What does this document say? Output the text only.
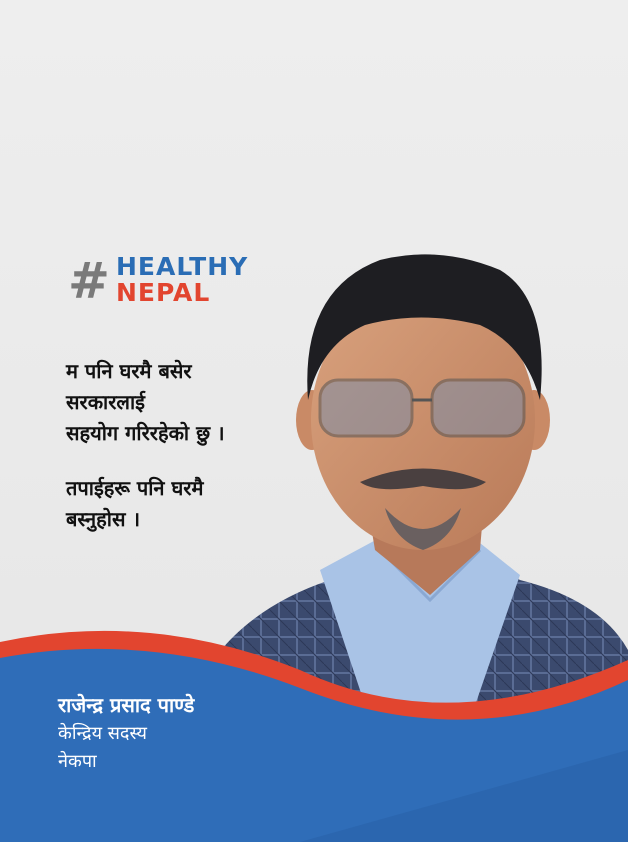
# HEALTHY
NEPAL
म पनि घरमै बसेर
सरकारलाई
सहयोग गरिरहेको छु ।
तपाईहरू पनि घरमै
बस्नुहोस ।
राजेन्द्र प्रसाद पाण्डे
केन्द्रिय सदस्य
नेकपा
